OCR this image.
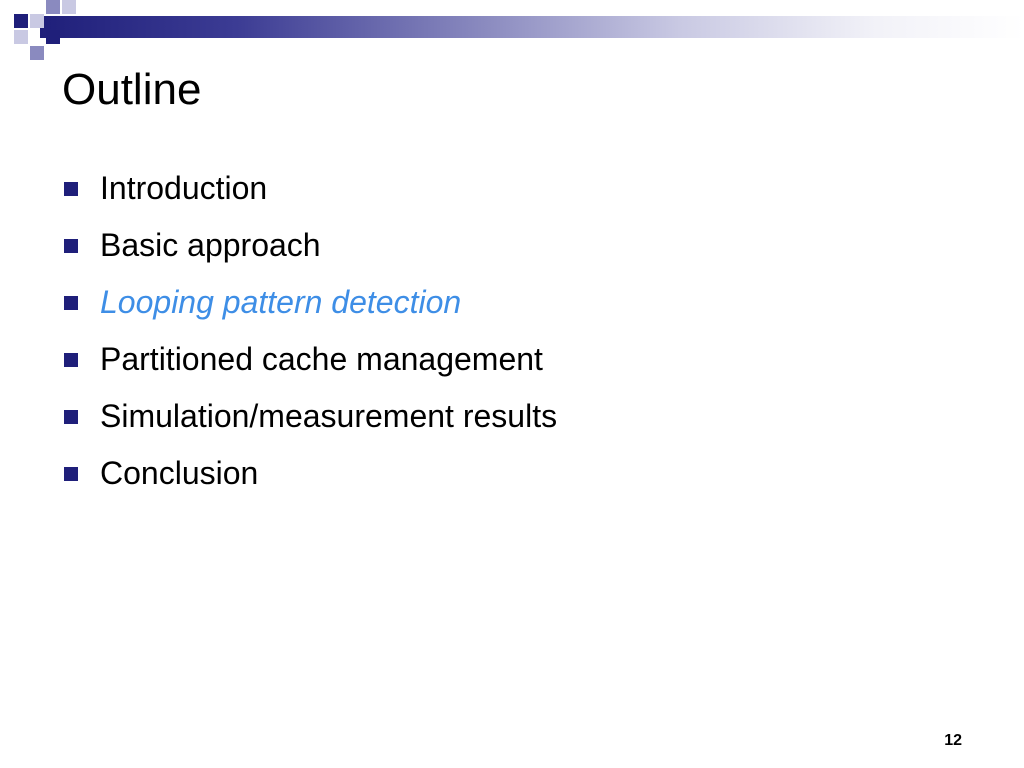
Outline
Introduction
Basic approach
Looping pattern detection
Partitioned cache management
Simulation/measurement results
Conclusion
12
